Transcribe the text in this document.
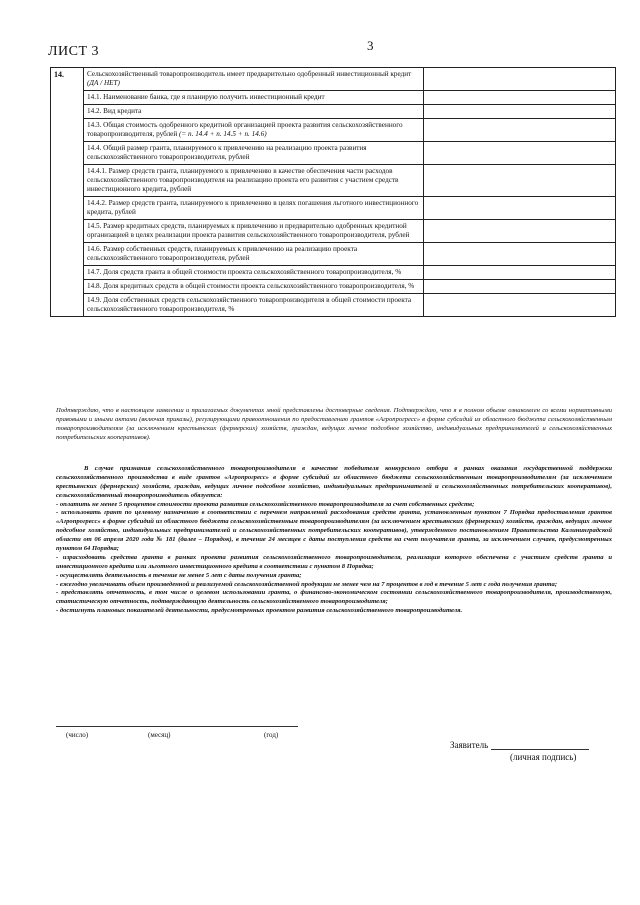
3
ЛИСТ 3
14.	Сельскохозяйственный товаропроизводитель имеет предварительно одобренный инвестиционный кредит (ДА / НЕТ)	
	14.1. Наименование банка, где я планирую получить инвестиционный кредит	
	14.2. Вид кредита	
	14.3. Общая стоимость одобренного кредитной организацией проекта развития сельскохозяйственного товаропроизводителя, рублей (= п. 14.4 + п. 14.5 + п. 14.6)	
	14.4. Общий размер гранта, планируемого к привлечению на реализацию проекта развития сельскохозяйственного товаропроизводителя, рублей	
	14.4.1. Размер средств гранта, планируемого к привлечению в качестве обеспечения части расходов сельскохозяйственного товаропроизводителя на реализацию проекта его развития с участием средств инвестиционного кредита, рублей	
	14.4.2. Размер средств гранта, планируемого к привлечению в целях погашения льготного инвестиционного кредита, рублей	
	14.5. Размер кредитных средств, планируемых к привлечению и предварительно одобренных кредитной организацией в целях реализации проекта развития сельскохозяйственного товаропроизводителя, рублей	
	14.6. Размер собственных средств, планируемых к привлечению на реализацию проекта сельскохозяйственного товаропроизводителя, рублей	
	14.7. Доля средств гранта в общей стоимости проекта сельскохозяйственного товаропроизводителя, %	
	14.8. Доля кредитных средств в общей стоимости проекта сельскохозяйственного товаропроизводителя, %	
	14.9. Доля собственных средств сельскохозяйственного товаропроизводителя в общей стоимости проекта сельскохозяйственного товаропроизводителя, %	

Подтверждаю, что в настоящем заявлении и прилагаемых документах мной представлены достоверные сведения. Подтверждаю, что я в полном объеме ознакомлен со всеми нормативными правовыми и иными актами (включая приказы), регулирующими правоотношения по предоставлению грантов «Агропрогресс» в форме субсидий из областного бюджета сельскохозяйственным товаропроизводителям (за исключением крестьянских (фермерских) хозяйств, граждан, ведущих личное подсобное хозяйство, индивидуальных предпринимателей и сельскохозяйственных потребительских кооперативов).

В случае признания сельскохозяйственного товаропроизводителя в качестве победителя конкурсного отбора в рамках оказания государственной поддержки сельскохозяйственного производства в виде грантов «Агропрогресс» в форме субсидий из областного бюджета сельскохозяйственным товаропроизводителям (за исключением крестьянских (фермерских) хозяйств, граждан, ведущих личное подсобное хозяйство, индивидуальных предпринимателей и сельскохозяйственных потребительских кооперативов), сельскохозяйственный товаропроизводитель обязуется:

- оплатить не менее 5 процентов стоимости проекта развития сельскохозяйственного товаропроизводителя за счет собственных средств;

- использовать грант по целевому назначению в соответствии с перечнем направлений расходования средств гранта, установленным пунктом 7 Порядка предоставления грантов «Агропрогресс» в форме субсидий из областного бюджета сельскохозяйственным товаропроизводителям (за исключением крестьянских (фермерских) хозяйств, граждан, ведущих личное подсобное хозяйство, индивидуальных предпринимателей и сельскохозяйственных потребительских кооперативов), утвержденного постановлением Правительства Калининградской области от 06 апреля 2020 года № 181 (далее – Порядок), в течение 24 месяцев с даты поступления средств на счет получателя гранта, за исключением случаев, предусмотренных пунктом 64 Порядка;

- израсходовать средства гранта в рамках проекта развития сельскохозяйственного товаропроизводителя, реализация которого обеспечена с участием средств гранта и инвестиционного кредита или льготного инвестиционного кредита в соответствии с пунктом 8 Порядка;

- осуществлять деятельность в течение не менее 5 лет с даты получения гранта;

- ежегодно увеличивать объем произведенной и реализуемой сельскохозяйственной продукции не менее чем на 7 процентов в год в течение 5 лет с года получения гранта;

- представлять отчетность, в том числе о целевом использовании гранта, о финансово-экономическом состоянии сельскохозяйственного товаропроизводителя, производственную, статистическую отчетность, подтверждающую деятельность сельскохозяйственного товаропроизводителя;

- достигнуть плановых показателей деятельности, предусмотренных проектом развития сельскохозяйственного товаропроизводителя.

(число)	(месяц)	(год)
Заявитель
(личная подпись)
